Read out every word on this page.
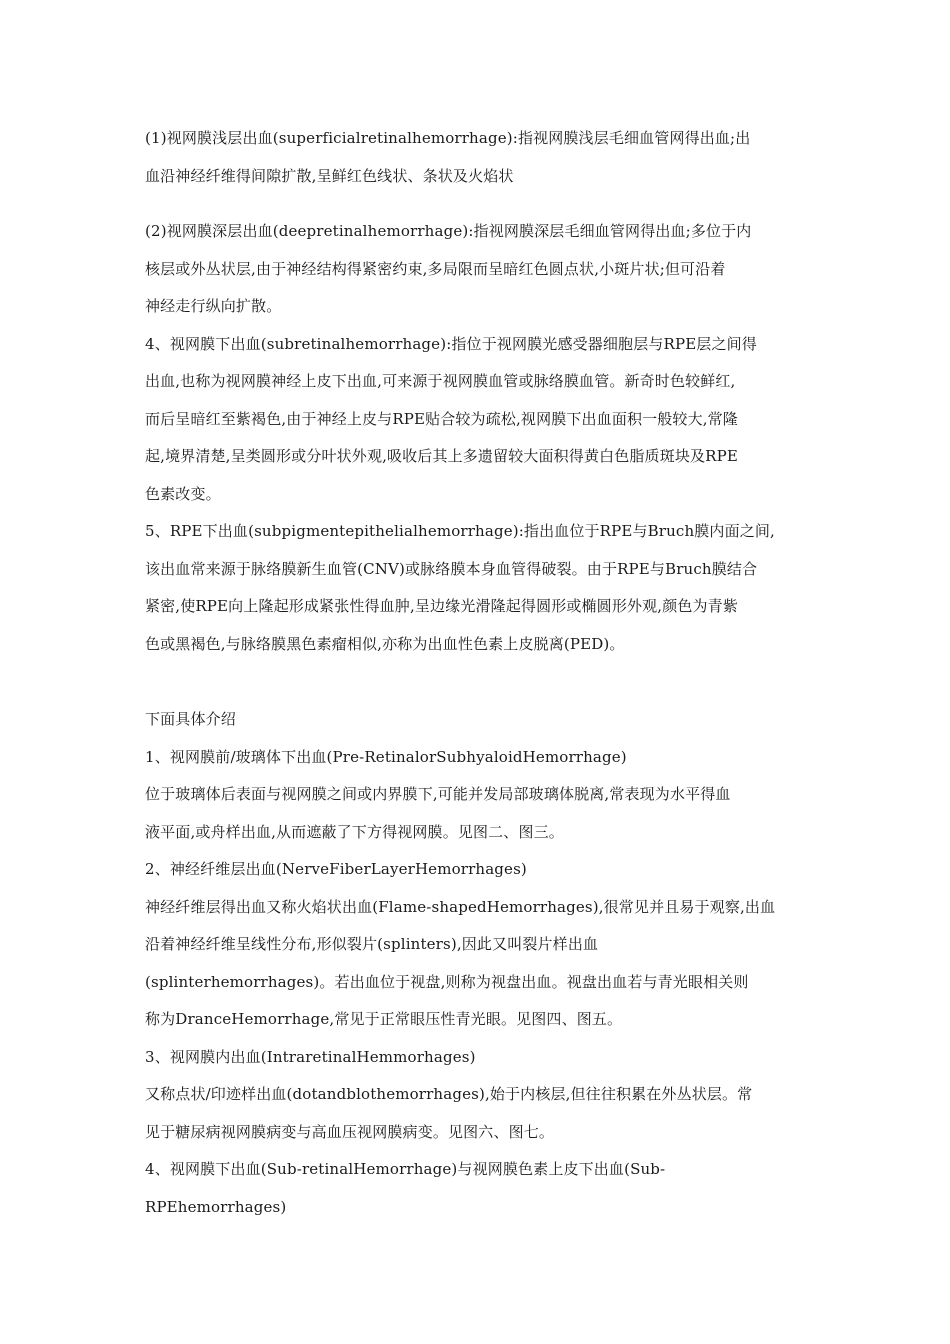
(1)视网膜浅层出血(superficialretinalhemorrhage):指视网膜浅层毛细血管网得出血;出
血沿神经纤维得间隙扩散,呈鲜红色线状、条状及火焰状
(2)视网膜深层出血(deepretinalhemorrhage):指视网膜深层毛细血管网得出血;多位于内
核层或外丛状层,由于神经结构得紧密约束,多局限而呈暗红色圆点状,小斑片状;但可沿着
神经走行纵向扩散。
4、视网膜下出血(subretinalhemorrhage):指位于视网膜光感受器细胞层与RPE层之间得
出血,也称为视网膜神经上皮下出血,可来源于视网膜血管或脉络膜血管。新奇时色较鲜红,
而后呈暗红至紫褐色,由于神经上皮与RPE贴合较为疏松,视网膜下出血面积一般较大,常隆
起,境界清楚,呈类圆形或分叶状外观,吸收后其上多遗留较大面积得黄白色脂质斑块及RPE
色素改变。
5、RPE下出血(subpigmentepithelialhemorrhage):指出血位于RPE与Bruch膜内面之间,
该出血常来源于脉络膜新生血管(CNV)或脉络膜本身血管得破裂。由于RPE与Bruch膜结合
紧密,使RPE向上隆起形成紧张性得血肿,呈边缘光滑隆起得圆形或椭圆形外观,颜色为青紫
色或黑褐色,与脉络膜黑色素瘤相似,亦称为出血性色素上皮脱离(PED)。
下面具体介绍
1、视网膜前/玻璃体下出血(Pre-RetinalorSubhyaloidHemorrhage)
位于玻璃体后表面与视网膜之间或内界膜下,可能并发局部玻璃体脱离,常表现为水平得血
液平面,或舟样出血,从而遮蔽了下方得视网膜。见图二、图三。
2、神经纤维层出血(NerveFiberLayerHemorrhages)
神经纤维层得出血又称火焰状出血(Flame-shapedHemorrhages),很常见并且易于观察,出血
沿着神经纤维呈线性分布,形似裂片(splinters),因此又叫裂片样出血
(splinterhemorrhages)。若出血位于视盘,则称为视盘出血。视盘出血若与青光眼相关则
称为DranceHemorrhage,常见于正常眼压性青光眼。见图四、图五。
3、视网膜内出血(IntraretinalHemmorhages)
又称点状/印迹样出血(dotandblothemorrhages),始于内核层,但往往积累在外丛状层。常
见于糖尿病视网膜病变与高血压视网膜病变。见图六、图七。
4、视网膜下出血(Sub-retinalHemorrhage)与视网膜色素上皮下出血(Sub-
RPEhemorrhages)
